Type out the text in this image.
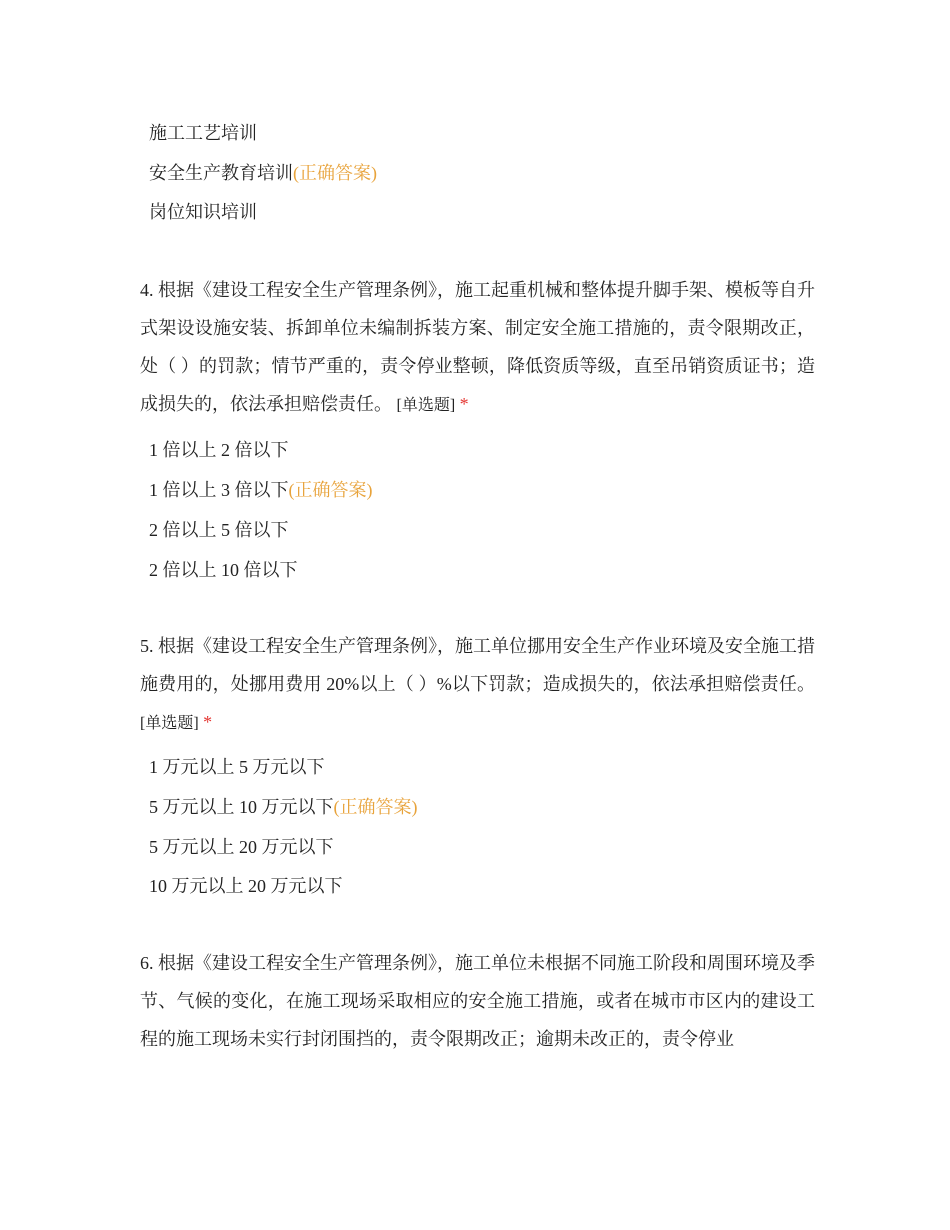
施工工艺培训
安全生产教育培训(正确答案)
岗位知识培训
4. 根据《建设工程安全生产管理条例》，施工起重机械和整体提升脚手架、模板等自升式架设设施安装、拆卸单位未编制拆装方案、制定安全施工措施的，责令限期改正，处（ ）的罚款；情节严重的，责令停业整顿，降低资质等级，直至吊销资质证书；造成损失的，依法承担赔偿责任。 [单选题] *
1 倍以上 2 倍以下
1 倍以上 3 倍以下(正确答案)
2 倍以上 5 倍以下
2 倍以上 10 倍以下
5. 根据《建设工程安全生产管理条例》，施工单位挪用安全生产作业环境及安全施工措施费用的，处挪用费用 20%以上（ ）%以下罚款；造成损失的，依法承担赔偿责任。 [单选题] *
1 万元以上 5 万元以下
5 万元以上 10 万元以下(正确答案)
5 万元以上 20 万元以下
10 万元以上 20 万元以下
6. 根据《建设工程安全生产管理条例》，施工单位未根据不同施工阶段和周围环境及季节、气候的变化，在施工现场采取相应的安全施工措施，或者在城市市区内的建设工程的施工现场未实行封闭围挡的，责令限期改正；逾期未改正的，责令停业
